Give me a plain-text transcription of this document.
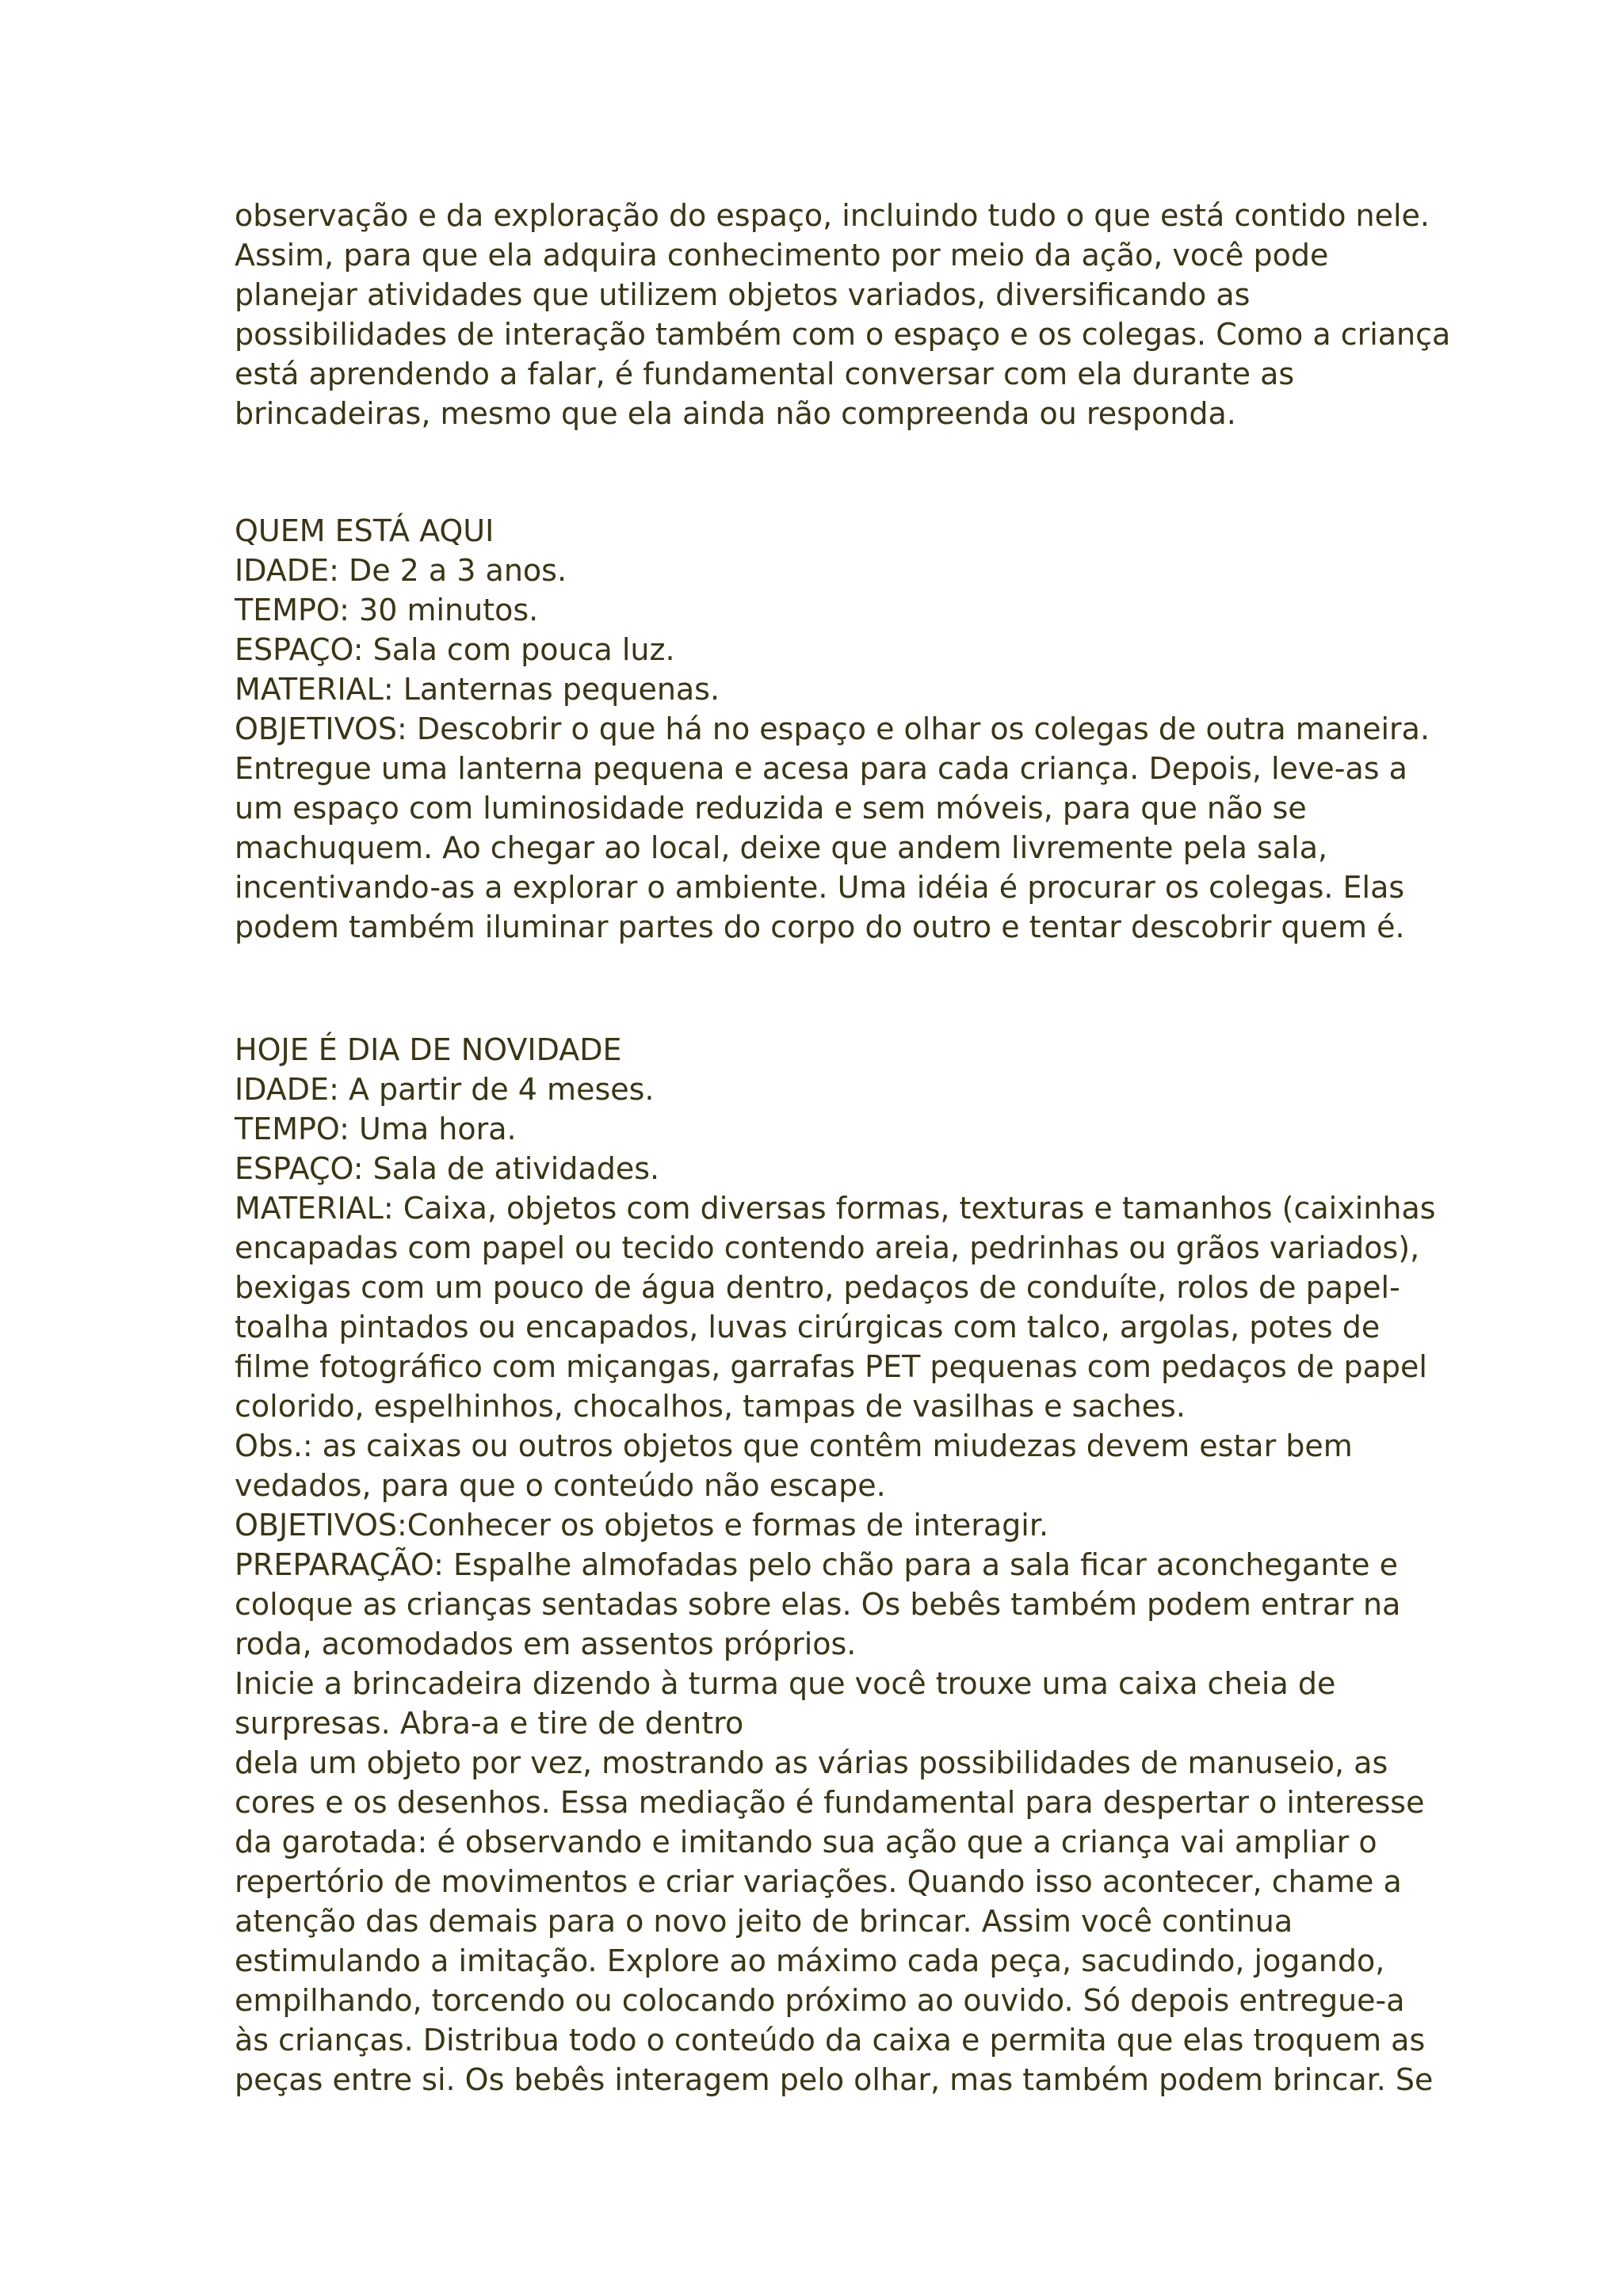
observação e da exploração do espaço, incluindo tudo o que está contido nele.
Assim, para que ela adquira conhecimento por meio da ação, você pode
planejar atividades que utilizem objetos variados, diversificando as
possibilidades de interação também com o espaço e os colegas. Como a criança
está aprendendo a falar, é fundamental conversar com ela durante as
brincadeiras, mesmo que ela ainda não compreenda ou responda.
QUEM ESTÁ AQUI
IDADE: De 2 a 3 anos.
TEMPO: 30 minutos.
ESPAÇO: Sala com pouca luz.
MATERIAL: Lanternas pequenas.
OBJETIVOS: Descobrir o que há no espaço e olhar os colegas de outra maneira.
Entregue uma lanterna pequena e acesa para cada criança. Depois, leve-as a
um espaço com luminosidade reduzida e sem móveis, para que não se
machuquem. Ao chegar ao local, deixe que andem livremente pela sala,
incentivando-as a explorar o ambiente. Uma idéia é procurar os colegas. Elas
podem também iluminar partes do corpo do outro e tentar descobrir quem é.
HOJE É DIA DE NOVIDADE
IDADE: A partir de 4 meses.
TEMPO: Uma hora.
ESPAÇO: Sala de atividades.
MATERIAL: Caixa, objetos com diversas formas, texturas e tamanhos (caixinhas
encapadas com papel ou tecido contendo areia, pedrinhas ou grãos variados),
bexigas com um pouco de água dentro, pedaços de conduíte, rolos de papel-
toalha pintados ou encapados, luvas cirúrgicas com talco, argolas, potes de
filme fotográfico com miçangas, garrafas PET pequenas com pedaços de papel
colorido, espelhinhos, chocalhos, tampas de vasilhas e saches.
Obs.: as caixas ou outros objetos que contêm miudezas devem estar bem
vedados, para que o conteúdo não escape.
OBJETIVOS:Conhecer os objetos e formas de interagir.
PREPARAÇÃO: Espalhe almofadas pelo chão para a sala ficar aconchegante e
coloque as crianças sentadas sobre elas. Os bebês também podem entrar na
roda, acomodados em assentos próprios.
Inicie a brincadeira dizendo à turma que você trouxe uma caixa cheia de
surpresas. Abra-a e tire de dentro
dela um objeto por vez, mostrando as várias possibilidades de manuseio, as
cores e os desenhos. Essa mediação é fundamental para despertar o interesse
da garotada: é observando e imitando sua ação que a criança vai ampliar o
repertório de movimentos e criar variações. Quando isso acontecer, chame a
atenção das demais para o novo jeito de brincar. Assim você continua
estimulando a imitação. Explore ao máximo cada peça, sacudindo, jogando,
empilhando, torcendo ou colocando próximo ao ouvido. Só depois entregue-a
às crianças. Distribua todo o conteúdo da caixa e permita que elas troquem as
peças entre si. Os bebês interagem pelo olhar, mas também podem brincar. Se
